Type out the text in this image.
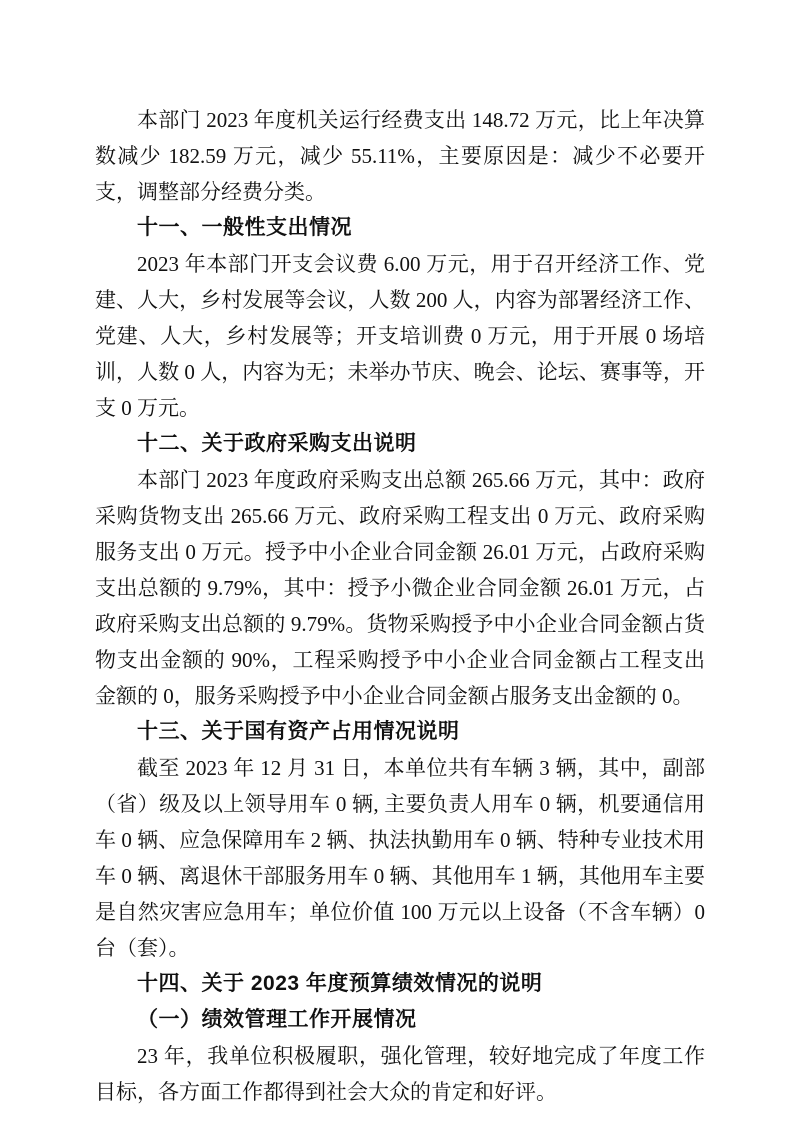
本部门 2023 年度机关运行经费支出 148.72 万元，比上年决算数减少 182.59 万元，减少 55.11%，主要原因是：减少不必要开支，调整部分经费分类。

十一、一般性支出情况

2023 年本部门开支会议费 6.00 万元，用于召开经济工作、党建、人大，乡村发展等会议，人数 200 人，内容为部署经济工作、党建、人大，乡村发展等；开支培训费 0 万元，用于开展 0 场培训，人数 0 人，内容为无；未举办节庆、晚会、论坛、赛事等，开支 0 万元。

十二、关于政府采购支出说明

本部门 2023 年度政府采购支出总额 265.66 万元，其中：政府采购货物支出 265.66 万元、政府采购工程支出 0 万元、政府采购服务支出 0 万元。授予中小企业合同金额 26.01 万元，占政府采购支出总额的 9.79%，其中：授予小微企业合同金额 26.01 万元，占政府采购支出总额的 9.79%。货物采购授予中小企业合同金额占货物支出金额的 90%，工程采购授予中小企业合同金额占工程支出金额的 0，服务采购授予中小企业合同金额占服务支出金额的 0。

十三、关于国有资产占用情况说明

截至 2023 年 12 月 31 日，本单位共有车辆 3 辆，其中，副部（省）级及以上领导用车 0 辆, 主要负责人用车 0 辆，机要通信用车 0 辆、应急保障用车 2 辆、执法执勤用车 0 辆、特种专业技术用车 0 辆、离退休干部服务用车 0 辆、其他用车 1 辆，其他用车主要是自然灾害应急用车；单位价值 100 万元以上设备（不含车辆）0 台（套）。

十四、关于 2023 年度预算绩效情况的说明
（一）绩效管理工作开展情况

23 年，我单位积极履职，强化管理，较好地完成了年度工作目标，各方面工作都得到社会大众的肯定和好评。
